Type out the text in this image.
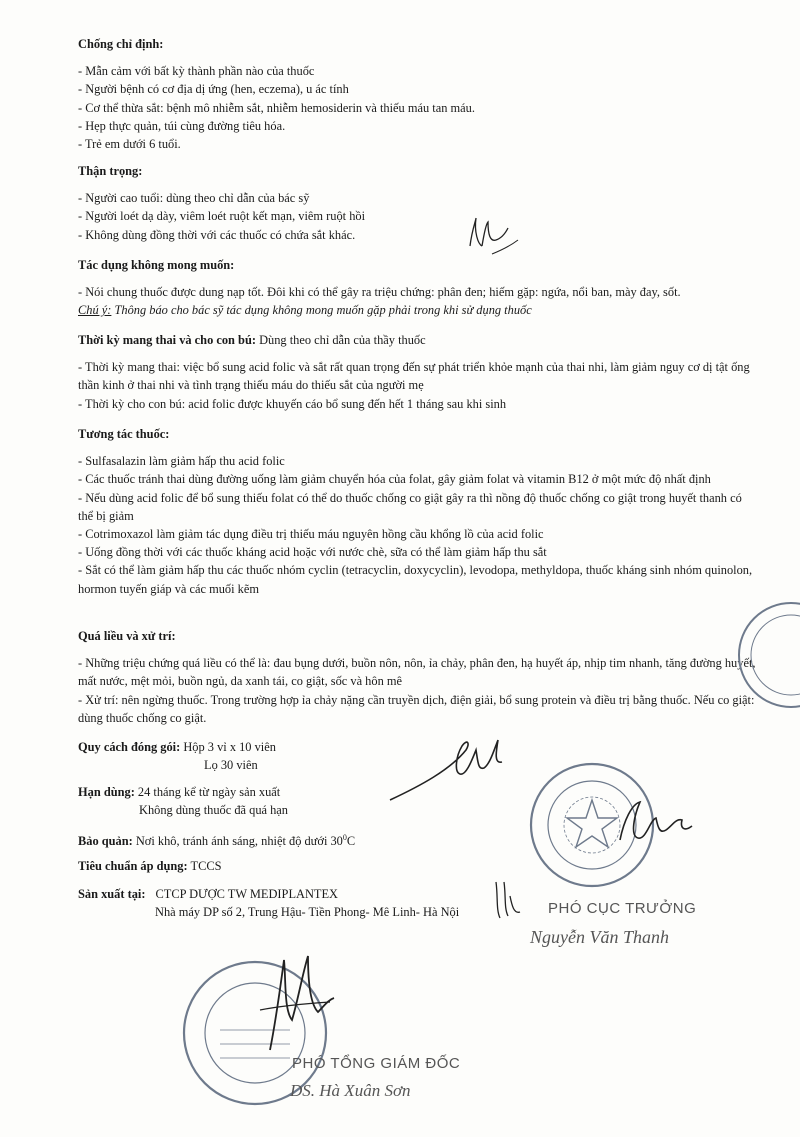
Chống chỉ định:

- Mẫn cảm với bất kỳ thành phần nào của thuốc

- Người bệnh có cơ địa dị ứng (hen, eczema), u ác tính

- Cơ thể thừa sắt: bệnh mô nhiễm sắt, nhiễm hemosiderin và thiếu máu tan máu.

- Hẹp thực quản, túi cùng đường tiêu hóa.

- Trẻ em dưới 6 tuổi.

Thận trọng:

- Người cao tuổi: dùng theo chỉ dẫn của bác sỹ

- Người loét dạ dày, viêm loét ruột kết mạn, viêm ruột hồi

- Không dùng đồng thời với các thuốc có chứa sắt khác.

Tác dụng không mong muốn:

- Nói chung thuốc được dung nạp tốt. Đôi khi có thể gây ra triệu chứng: phân đen; hiếm gặp: ngứa, nổi ban, mày đay, sốt.

Chú ý: Thông báo cho bác sỹ tác dụng không mong muốn gặp phải trong khi sử dụng thuốc

Thời kỳ mang thai và cho con bú: Dùng theo chỉ dẫn của thầy thuốc

- Thời kỳ mang thai: việc bổ sung acid folic và sắt rất quan trọng đến sự phát triển khỏe mạnh của thai nhi, làm giảm nguy cơ dị tật ống thần kinh ở thai nhi và tình trạng thiếu máu do thiếu sắt của người mẹ

- Thời kỳ cho con bú: acid folic được khuyến cáo bổ sung đến hết 1 tháng sau khi sinh

Tương tác thuốc:

- Sulfasalazin làm giảm hấp thu acid folic

- Các thuốc tránh thai dùng đường uống làm giảm chuyển hóa của folat, gây giảm folat và vitamin B12 ở một mức độ nhất định

- Nếu dùng acid folic để bổ sung thiếu folat có thể do thuốc chống co giật gây ra thì nồng độ thuốc chống co giật trong huyết thanh có thể bị giảm

- Cotrimoxazol làm giảm tác dụng điều trị thiếu máu nguyên hồng cầu khổng lồ của acid folic

- Uống đồng thời với các thuốc kháng acid hoặc với nước chè, sữa có thể làm giảm hấp thu sắt

- Sắt có thể làm giảm hấp thu các thuốc nhóm cyclin (tetracyclin, doxycyclin), levodopa, methyldopa, thuốc kháng sinh nhóm quinolon, hormon tuyến giáp và các muối kẽm

Quá liều và xử trí:

- Những triệu chứng quá liều có thể là: đau bụng dưới, buồn nôn, nôn, ỉa chảy, phân đen, hạ huyết áp, nhịp tim nhanh, tăng đường huyết, mất nước, mệt mỏi, buồn ngủ, da xanh tái, co giật, sốc và hôn mê

- Xử trí: nên ngừng thuốc. Trong trường hợp ỉa chảy nặng cần truyền dịch, điện giải, bổ sung protein và điều trị bằng thuốc. Nếu co giật: dùng thuốc chống co giật.

Quy cách đóng gói: Hộp 3 vỉ x 10 viên
Lọ 30 viên
Hạn dùng: 24 tháng kể từ ngày sản xuất
Không dùng thuốc đã quá hạn
Bảo quản: Nơi khô, tránh ánh sáng, nhiệt độ dưới $30^0C$
Tiêu chuẩn áp dụng: TCCS
Sản xuất tại: CTCP DƯỢC TW MEDIPLANTEX
Nhà máy DP số 2, Trung Hậu- Tiền Phong- Mê Linh- Hà Nội	PHÓ CỤC TRƯỞNG
Nguyễn Văn Thanh
PHÓ TỔNG GIÁM ĐỐC
DS. Hà Xuân Sơn
